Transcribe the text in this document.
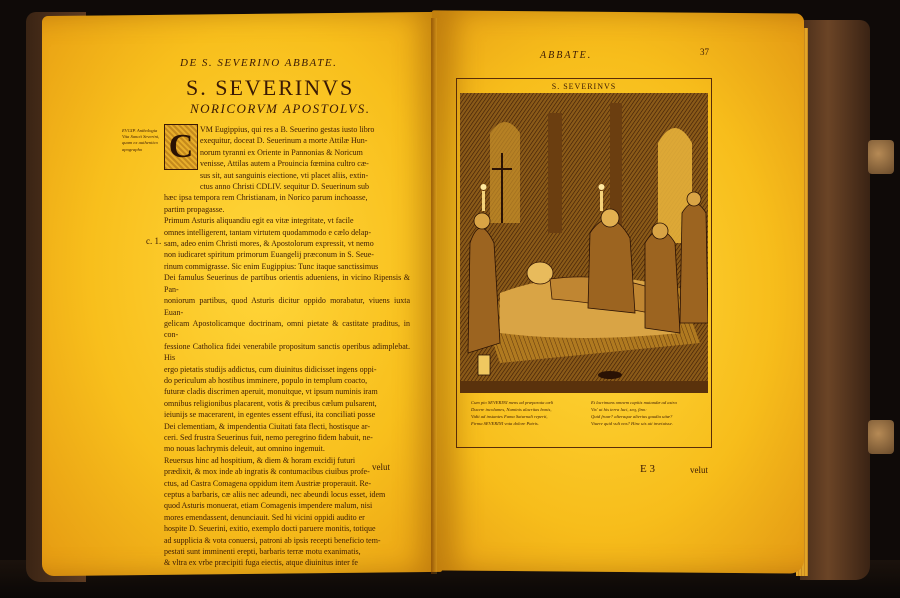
DE S. SEVERINO ABBATE.
S. SEVERINVS
NORICORVM APOSTOLVS.
EVGIP. Anthologia Vita Sancti Severini, quam ex authentico apographo
c. 1.
VM Eugippius, qui res a B. Seuerino gestas iusto libro
exequitur, doceat D. Seuerinum a morte Attilæ Hun-
norum tyranni ex Oriente in Pannonias & Noricum
venisse, Attilas autem a Prouincia fœmina cultro cæ-
sus sit, aut sanguinis eiectione, vti placet aliis, extin-
ctus anno Christi CDLIV. sequitur D. Seuerinum sub
hæc ipsa tempora rem Christianam, in Norico parum inchoasse,
partim propagasse.
Primum Asturis aliquandiu egit ea vitæ integritate, vt facile
omnes intelligerent, tantam virtutem quodammodo e cælo delap-
sam, adeo enim Christi mores, & Apostolorum expressit, vt nemo
non iudicaret spiritum primorum Euangelij præconum in S. Seue-
rinum commigrasse. Sic enim Eugippius: Tunc itaque sanctissimus
Dei famulus Seuerinus de partibus orientis adueniens, in vicino Ripensis & Pan-
noniorum partibus, quod Asturis dicitur oppido morabatur, viuens iuxta Euan-
gelicam Apostolicamque doctrinam, omni pietate & castitate praditus, in con-
fessione Catholica fidei venerabile propositum sanctis operibus adimplebat. His
ergo pietatis studijs addictus, cum diuinitus didicisset ingens oppi-
do periculum ab hostibus imminere, populo in templum coacto,
futuræ cladis discrimen aperuit, monuitque, vt ipsum numinis iram
omnibus religionibus placarent, votis & precibus cælum pulsarent,
ieiunijs se macerarent, in egentes essent effusi, ita conciliati posse
Dei clementiam, & impendentia Ciuitati fata flecti, hostisque ar-
ceri. Sed frustra Seuerinus fuit, nemo peregrino fidem habuit, ne-
mo nouas lachrymis deleuit, aut omnino ingemuit.
Reuersus hinc ad hospitium, & diem & horam excidij futuri
prædixit, & mox inde ab ingratis & contumacibus ciuibus profe-
ctus, ad Castra Comagena oppidum item Austriæ properauit. Re-
ceptus a barbaris, cæ aliis nec adeundi, nec abeundi locus esset, idem
quod Asturis monuerat, etiam Comagenis impendere malum, nisi
mores emendassent, denunciauit. Sed hi vicini oppidi audito er
hospite D. Seuerini, exitio, exemplo docti paruere monitis, totique
ad supplicia & vota conuersi, patroni ab ipsis recepti beneficio tem-
pestati sunt imminenti erepti, barbaris terræ motu exanimatis,
& vltra ex vrbe præcipiti fuga eiectis, atque diuinitus inter fe
C
velut
ABBATE.	37
S. SEVERINVS
Cum pio SEVERINI mens ad præparata cæli
Ducere incolumes, Numinis alacritas bonis,
Vidit ad instantes Fama Saturnali reperti,
Firma SEVERINI vota dolore Patris.
Et lacrimans omnem capitis mutandæ ad astra
Vix' ut his terra luci, seq, fino:
Quid fruar? alteraque alterius gaudia uitæ?
Viuere quid vult nos? Hinc uis uti invetuisse.
E 3	velut
